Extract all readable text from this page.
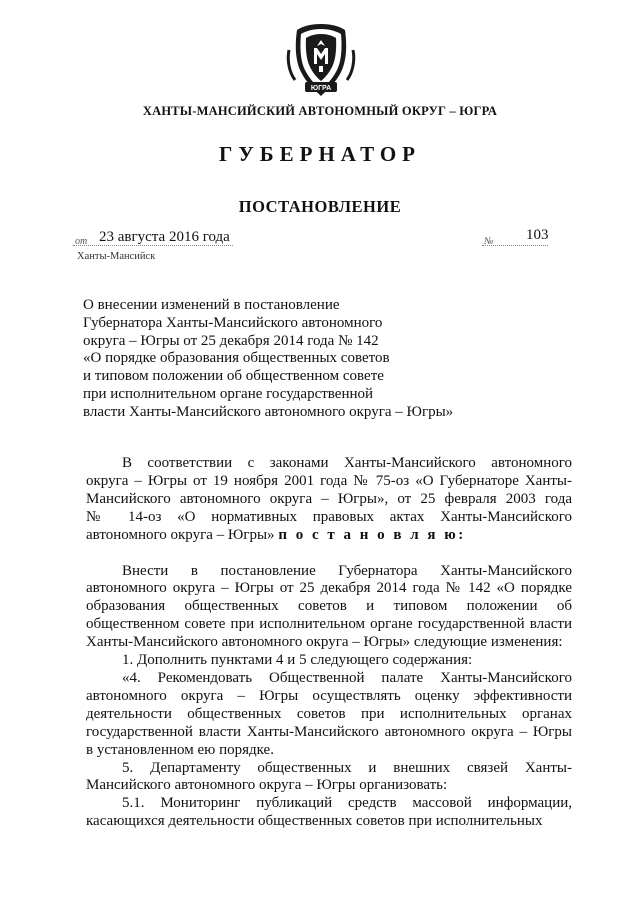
ЮГРА
ХАНТЫ-МАНСИЙСКИЙ АВТОНОМНЫЙ ОКРУГ – ЮГРА
ГУБЕРНАТОР
ПОСТАНОВЛЕНИЕ
от 23 августа 2016 года	№ 103
Ханты-Мансийск
О внесении изменений в постановление
Губернатора Ханты-Мансийского автономного
округа – Югры от 25 декабря 2014 года № 142
«О порядке образования общественных советов
и типовом положении об общественном совете
при исполнительном органе государственной
власти Ханты-Мансийского автономного округа – Югры»
В соответствии с законами Ханты-Мансийского автономного
округа – Югры от 19 ноября 2001 года № 75-оз «О Губернаторе Ханты-
Мансийского автономного округа – Югры», от 25 февраля 2003 года
№ 14-оз «О нормативных правовых актах Ханты-Мансийского
автономного округа – Югры» п о с т а н о в л я ю:
Внести в постановление Губернатора Ханты-Мансийского
автономного округа – Югры от 25 декабря 2014 года № 142 «О порядке
образования общественных советов и типовом положении об
общественном совете при исполнительном органе государственной власти
Ханты-Мансийского автономного округа – Югры» следующие изменения:
1. Дополнить пунктами 4 и 5 следующего содержания:
«4. Рекомендовать Общественной палате Ханты-Мансийского
автономного округа – Югры осуществлять оценку эффективности
деятельности общественных советов при исполнительных органах
государственной власти Ханты-Мансийского автономного округа – Югры
в установленном ею порядке.
5. Департаменту общественных и внешних связей Ханты-
Мансийского автономного округа – Югры организовать:
5.1. Мониторинг публикаций средств массовой информации,
касающихся деятельности общественных советов при исполнительных
